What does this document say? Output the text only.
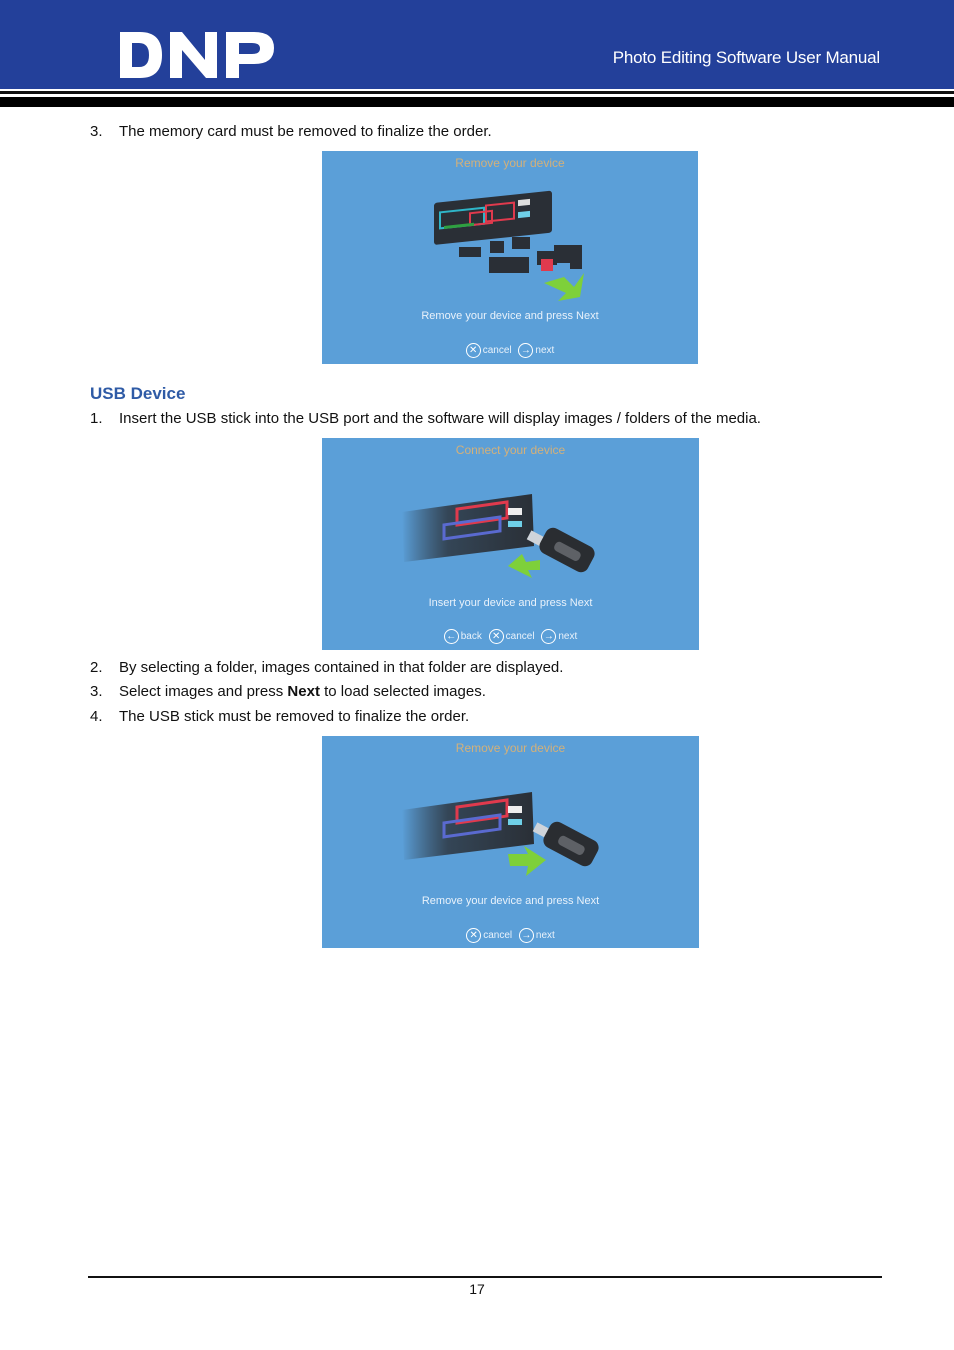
Photo Editing Software User Manual
3. The memory card must be removed to finalize the order.
Remove your device
Remove your device and press Next
✕ cancel
→ next
USB Device
1. Insert the USB stick into the USB port and the software will display images / folders of the media.
Connect your device
Insert your device and press Next
← back
	✕ cancel
→ next
2. By selecting a folder, images contained in that folder are displayed.
3. Select images and press Next to load selected images.
4. The USB stick must be removed to finalize the order.
Remove your device
Remove your device and press Next
✕ cancel
→ next
17
